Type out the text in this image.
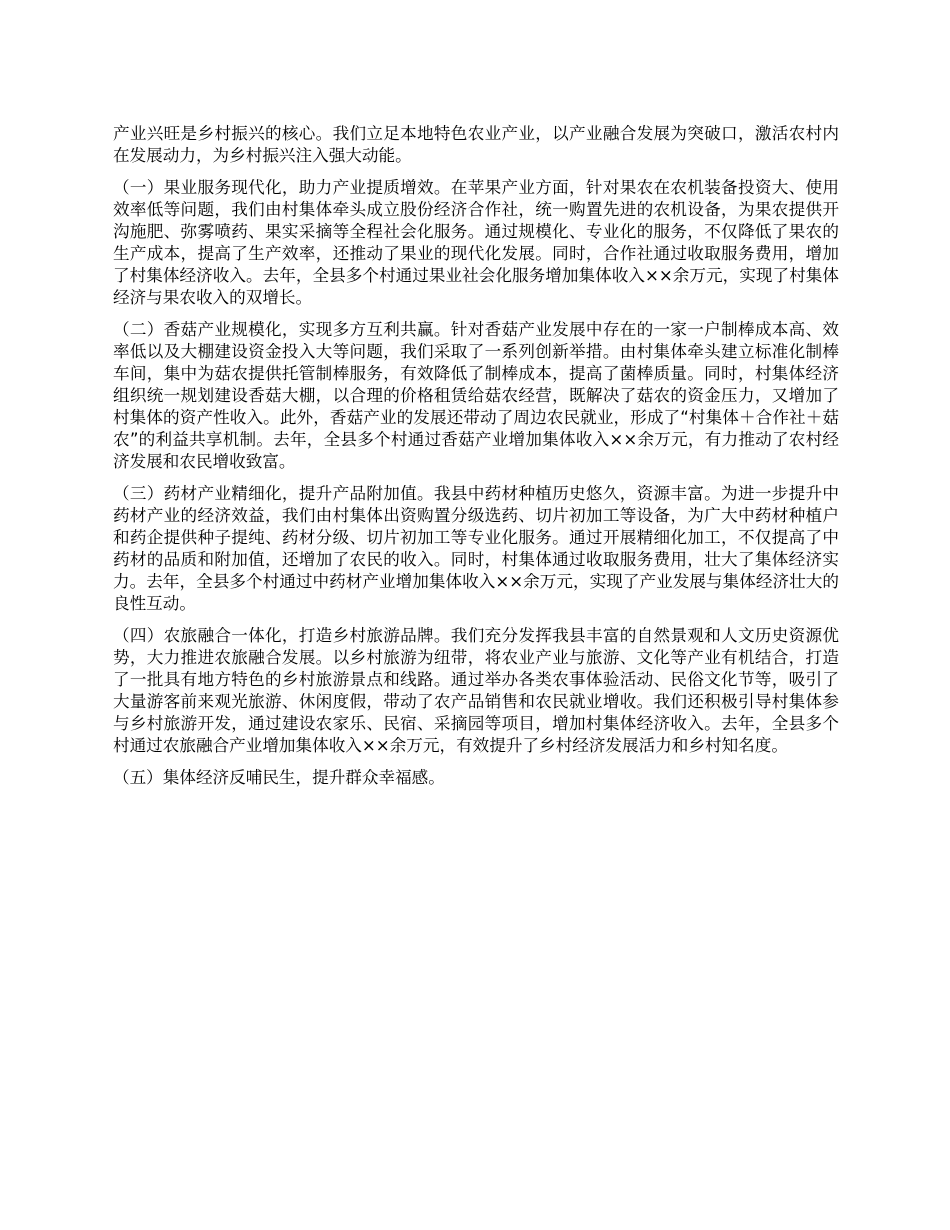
产业兴旺是乡村振兴的核心。我们立足本地特色农业产业，以产业融合发展为突破口，激活农村内在发展动力，为乡村振兴注入强大动能。

（一）果业服务现代化，助力产业提质增效。在苹果产业方面，针对果农在农机装备投资大、使用效率低等问题，我们由村集体牵头成立股份经济合作社，统一购置先进的农机设备，为果农提供开沟施肥、弥雾喷药、果实采摘等全程社会化服务。通过规模化、专业化的服务，不仅降低了果农的生产成本，提高了生产效率，还推动了果业的现代化发展。同时，合作社通过收取服务费用，增加了村集体经济收入。去年，全县多个村通过果业社会化服务增加集体收入××余万元，实现了村集体经济与果农收入的双增长。

（二）香菇产业规模化，实现多方互利共赢。针对香菇产业发展中存在的一家一户制棒成本高、效率低以及大棚建设资金投入大等问题，我们采取了一系列创新举措。由村集体牵头建立标准化制棒车间，集中为菇农提供托管制棒服务，有效降低了制棒成本，提高了菌棒质量。同时，村集体经济组织统一规划建设香菇大棚，以合理的价格租赁给菇农经营，既解决了菇农的资金压力，又增加了村集体的资产性收入。此外，香菇产业的发展还带动了周边农民就业，形成了“村集体＋合作社＋菇农”的利益共享机制。去年，全县多个村通过香菇产业增加集体收入××余万元，有力推动了农村经济发展和农民增收致富。

（三）药材产业精细化，提升产品附加值。我县中药材种植历史悠久，资源丰富。为进一步提升中药材产业的经济效益，我们由村集体出资购置分级选药、切片初加工等设备，为广大中药材种植户和药企提供种子提纯、药材分级、切片初加工等专业化服务。通过开展精细化加工，不仅提高了中药材的品质和附加值，还增加了农民的收入。同时，村集体通过收取服务费用，壮大了集体经济实力。去年，全县多个村通过中药材产业增加集体收入××余万元，实现了产业发展与集体经济壮大的良性互动。

（四）农旅融合一体化，打造乡村旅游品牌。我们充分发挥我县丰富的自然景观和人文历史资源优势，大力推进农旅融合发展。以乡村旅游为纽带，将农业产业与旅游、文化等产业有机结合，打造了一批具有地方特色的乡村旅游景点和线路。通过举办各类农事体验活动、民俗文化节等，吸引了大量游客前来观光旅游、休闲度假，带动了农产品销售和农民就业增收。我们还积极引导村集体参与乡村旅游开发，通过建设农家乐、民宿、采摘园等项目，增加村集体经济收入。去年，全县多个村通过农旅融合产业增加集体收入××余万元，有效提升了乡村经济发展活力和乡村知名度。

（五）集体经济反哺民生，提升群众幸福感。
